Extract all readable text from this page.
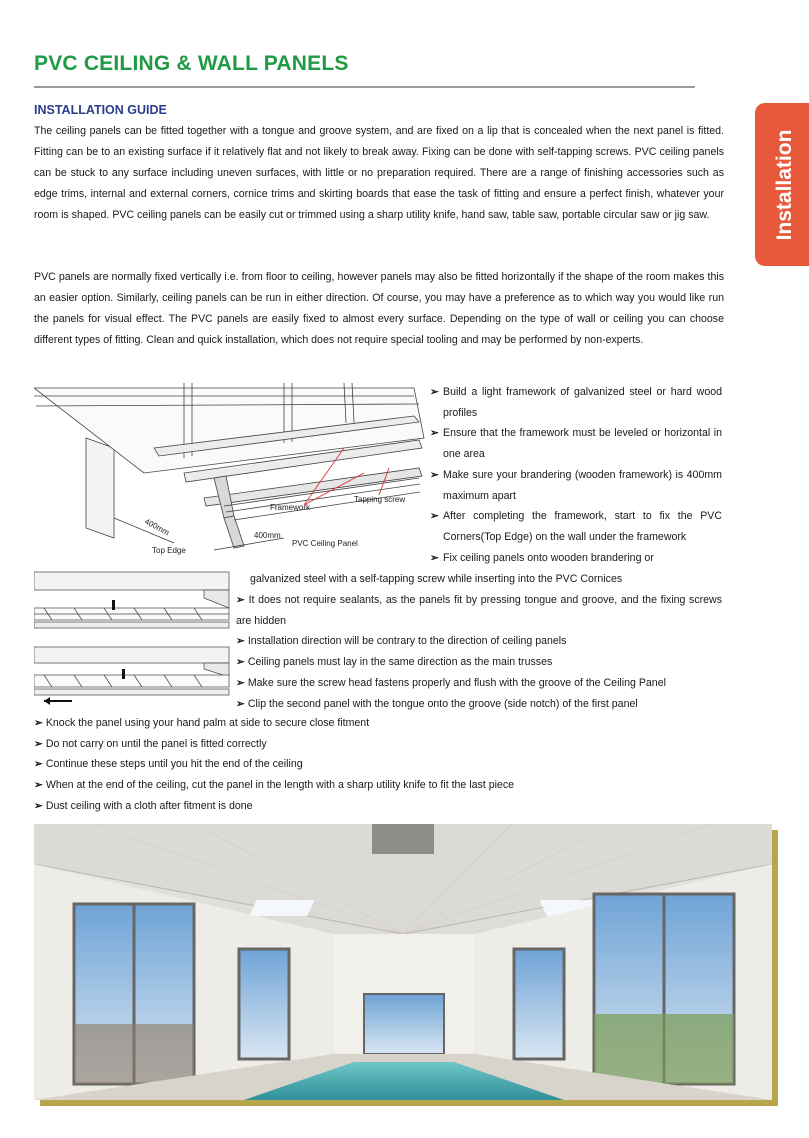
PVC CEILING & WALL PANELS
INSTALLATION GUIDE
Installation

The ceiling panels can be fitted together with a tongue and groove system, and are fixed on a lip that is concealed when the next panel is fitted. Fitting can be to an existing surface if it relatively flat and not likely to break away. Fixing can be done with self-tapping screws. PVC ceiling panels can be stuck to any surface including uneven surfaces, with little or no preparation required. There are a range of finishing accessories such as edge trims, internal and external corners, cornice trims and skirting boards that ease the task of fitting and ensure a perfect finish, whatever your room is shaped. PVC ceiling panels can be easily cut or trimmed using a sharp utility knife, hand saw, table saw, portable circular saw or jig saw.

PVC panels are normally fixed vertically i.e. from floor to ceiling, however panels may also be fitted horizontally if the shape of the room makes this an easier option. Similarly, ceiling panels can be run in either direction. Of course, you may have a preference as to which way you would like run the panels for visual effect. The PVC panels are easily fixed to almost every surface. Depending on the type of wall or ceiling you can choose different types of fitting. Clean and quick installation, which does not require special tooling and may be performed by non-experts.

Framework
Tapping screw
400mm	400mm
Top Edge
PVC Ceiling Panel
➢ Build a light framework of galvanized steel or hard wood profiles
➢ Ensure that the framework must be leveled or horizontal in one area
➢ Make sure your brandering (wooden framework) is 400mm maximum apart
➢ After completing the framework, start to fix the PVC Corners(Top Edge) on the wall under the framework
➢ Fix ceiling panels onto wooden brandering or
galvanized steel with a self-tapping screw while inserting into the PVC Cornices
➢ It does not require sealants, as the panels fit by pressing tongue and groove, and the fixing screws are hidden
➢ Installation direction will be contrary to the direction of ceiling panels
➢ Ceiling panels must lay in the same direction as the main trusses
➢ Make sure the screw head fastens properly and flush with the groove of the Ceiling Panel
➢ Clip the second panel with the tongue onto the groove (side notch) of the first panel
➢ Knock the panel using your hand palm at side to secure close fitment
➢ Do not carry on until the panel is fitted correctly
➢ Continue these steps until you hit the end of the ceiling
➢ When at the end of the ceiling, cut the panel in the length with a sharp utility knife to fit the last piece
➢ Dust ceiling with a cloth after fitment is done
